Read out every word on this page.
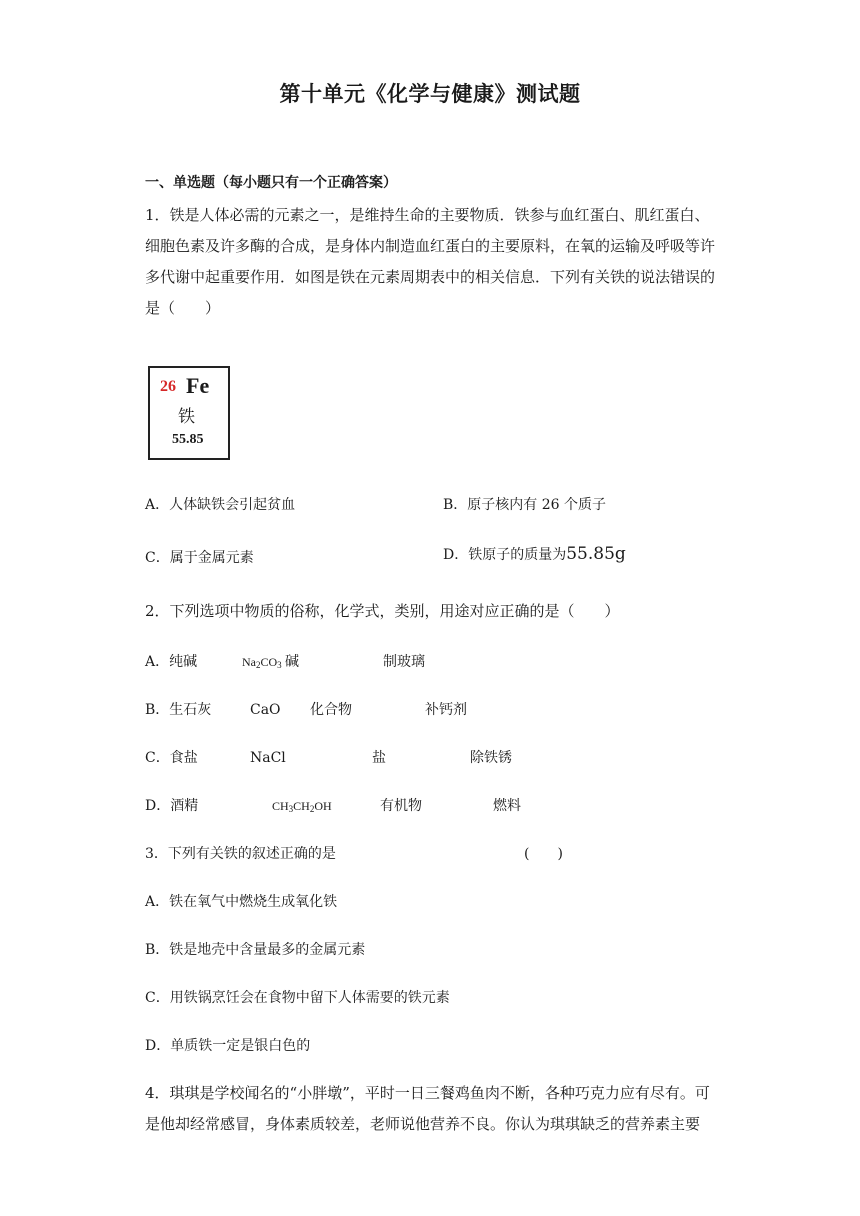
第十单元《化学与健康》测试题
一、单选题（每小题只有一个正确答案）
1．铁是人体必需的元素之一，是维持生命的主要物质．铁参与血红蛋白、肌红蛋白、细胞色素及许多酶的合成，是身体内制造血红蛋白的主要原料，在氧的运输及呼吸等许多代谢中起重要作用．如图是铁在元素周期表中的相关信息．下列有关铁的说法错误的是（　　）
26 Fe
铁
55.85
A．人体缺铁会引起贫血	B．原子核内有 26 个质子
C．属于金属元素	D．铁原子的质量为55.85g
2．下列选项中物质的俗称，化学式，类别，用途对应正确的是（　　）
A．纯碱	$Na_2CO_3$ 碱	制玻璃
B．生石灰	CaO 化合物	补钙剂
C．食盐	NaCl	盐	除铁锈
D．酒精	$CH_3CH_2OH$	有机物	燃料
3．下列有关铁的叙述正确的是	(　　)
A．铁在氧气中燃烧生成氧化铁
B．铁是地壳中含量最多的金属元素
C．用铁锅烹饪会在食物中留下人体需要的铁元素
D．单质铁一定是银白色的
4．琪琪是学校闻名的“小胖墩”，平时一日三餐鸡鱼肉不断，各种巧克力应有尽有。可是他却经常感冒，身体素质较差，老师说他营养不良。你认为琪琪缺乏的营养素主要
